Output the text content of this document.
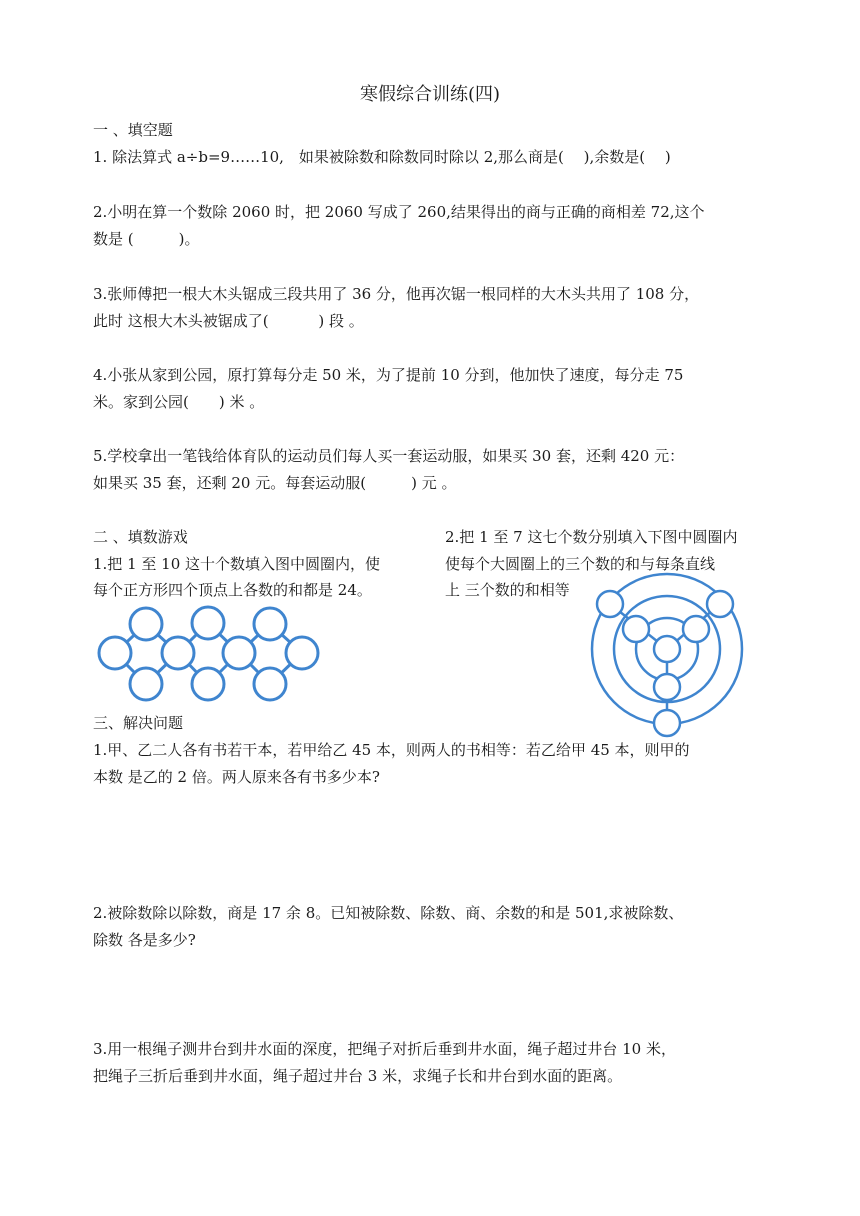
寒假综合训练(四)
一 、填空题
1. 除法算式 a÷b=9……10,　如果被除数和除数同时除以 2,那么商是(　 ),余数是(　 )
2.小明在算一个数除 2060 时，把 2060 写成了 260,结果得出的商与正确的商相差 72,这个
数是 (　　　)。
3.张师傅把一根大木头锯成三段共用了 36 分，他再次锯一根同样的大木头共用了 108 分，
此时 这根大木头被锯成了(　　　 ) 段 。
4.小张从家到公园，原打算每分走 50 米，为了提前 10 分到，他加快了速度，每分走 75
米。家到公园(　　) 米 。
5.学校拿出一笔钱给体育队的运动员们每人买一套运动服，如果买 30 套，还剩 420 元：
如果买 35 套，还剩 20 元。每套运动服(　　　) 元 。
二 、填数游戏
1.把 1 至 10 这十个数填入图中圆圈内，使
每个正方形四个顶点上各数的和都是 24。
2.把 1 至 7 这七个数分别填入下图中圆圈内
使每个大圆圈上的三个数的和与每条直线
上 三个数的和相等
三、解决问题
1.甲、乙二人各有书若干本，若甲给乙 45 本，则两人的书相等：若乙给甲 45 本，则甲的
本数 是乙的 2 倍。两人原来各有书多少本?
2.被除数除以除数，商是 17 余 8。已知被除数、除数、商、余数的和是 501,求被除数、
除数 各是多少?
3.用一根绳子测井台到井水面的深度，把绳子对折后垂到井水面，绳子超过井台 10 米，
把绳子三折后垂到井水面，绳子超过井台 3 米，求绳子长和井台到水面的距离。
